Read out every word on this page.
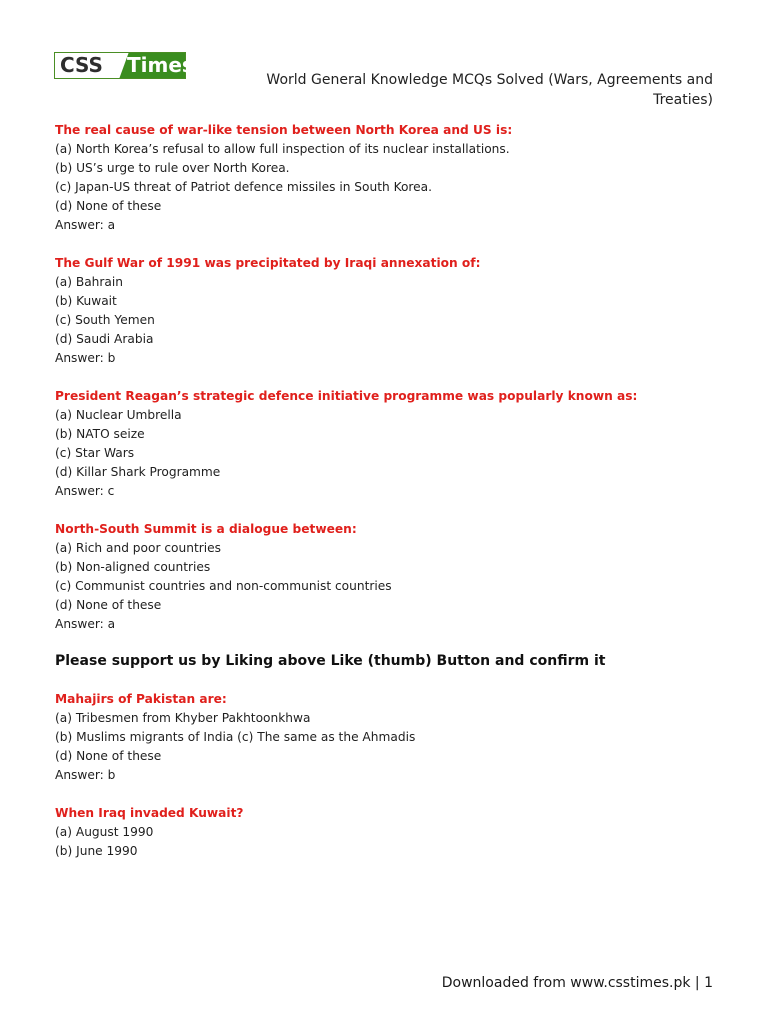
CSS Times
World General Knowledge MCQs Solved (Wars, Agreements and Treaties)
The real cause of war-like tension between North Korea and US is:
(a) North Korea’s refusal to allow full inspection of its nuclear installations.
(b) US’s urge to rule over North Korea.
(c) Japan-US threat of Patriot defence missiles in South Korea.
(d) None of these
Answer: a
The Gulf War of 1991 was precipitated by Iraqi annexation of:
(a) Bahrain
(b) Kuwait
(c) South Yemen
(d) Saudi Arabia
Answer: b
President Reagan’s strategic defence initiative programme was popularly known as:
(a) Nuclear Umbrella
(b) NATO seize
(c) Star Wars
(d) Killar Shark Programme
Answer: c
North-South Summit is a dialogue between:
(a) Rich and poor countries
(b) Non-aligned countries
(c) Communist countries and non-communist countries
(d) None of these
Answer: a
Please support us by Liking above Like (thumb) Button and confirm it
Mahajirs of Pakistan are:
(a) Tribesmen from Khyber Pakhtoonkhwa
(b) Muslims migrants of India (c) The same as the Ahmadis
(d) None of these
Answer: b
When Iraq invaded Kuwait?
(a) August 1990
(b) June 1990
Downloaded from www.csstimes.pk | 1
